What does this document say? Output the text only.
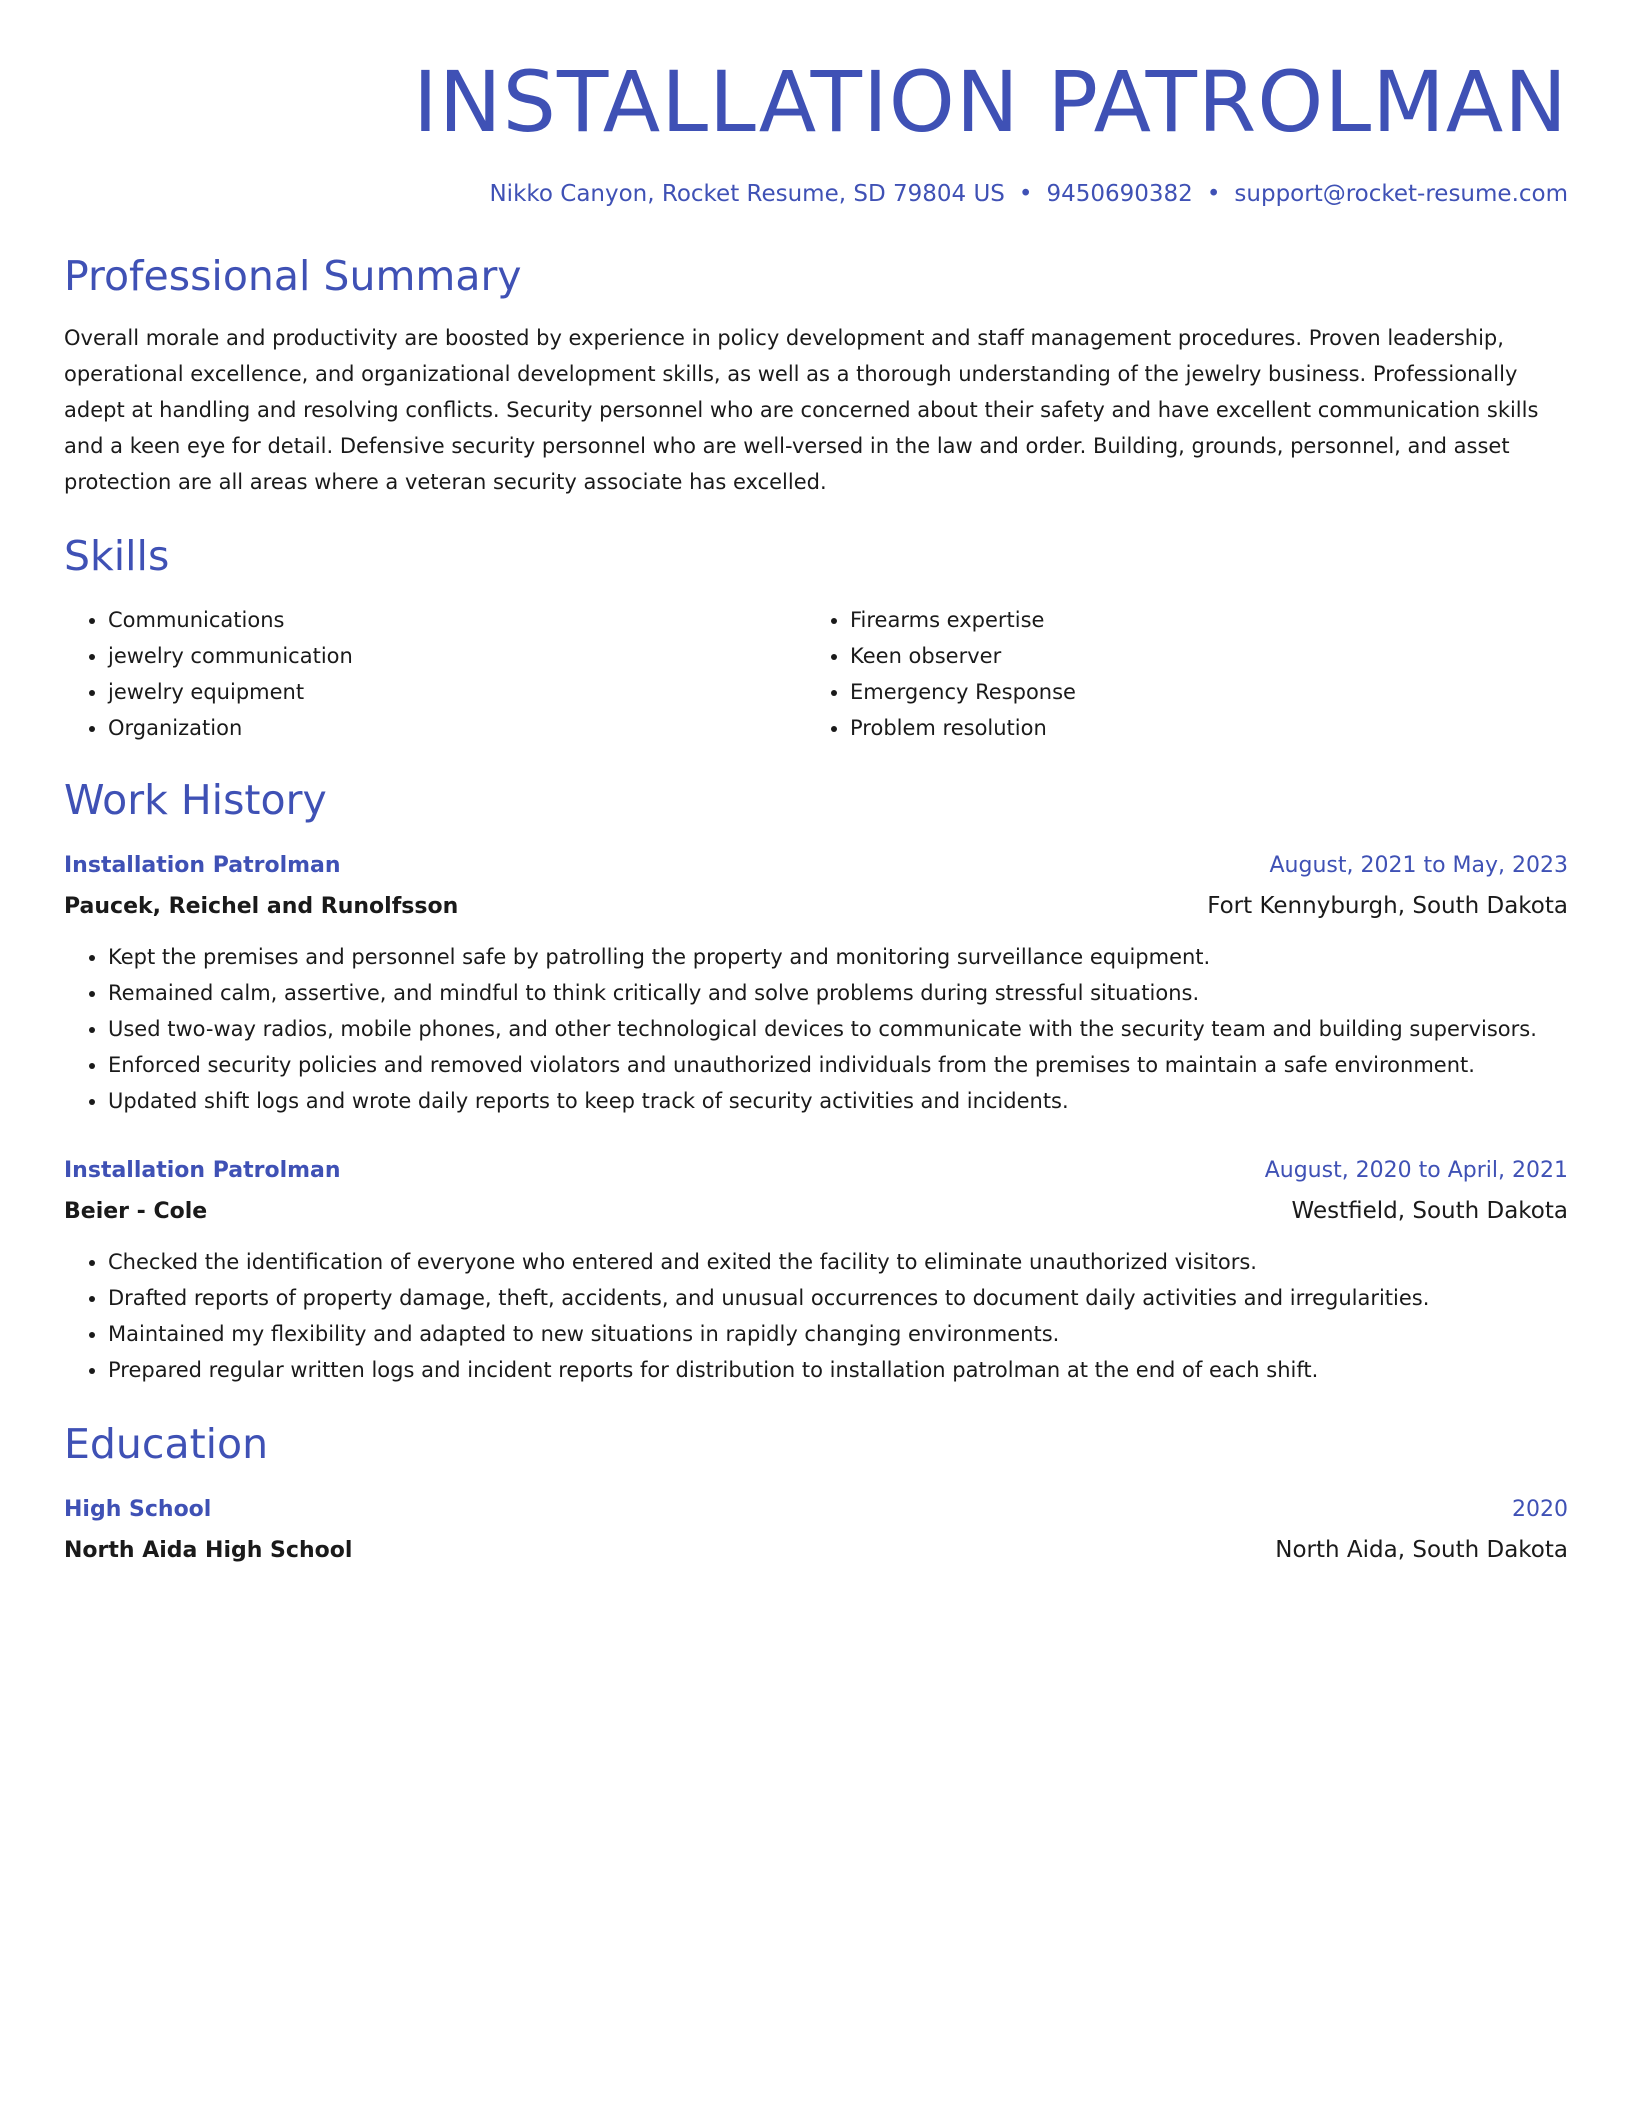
INSTALLATION PATROLMAN
Nikko Canyon, Rocket Resume, SD 79804 US • 9450690382 • support@rocket-resume.com
Professional Summary
Overall morale and productivity are boosted by experience in policy development and staff management procedures. Proven leadership, operational excellence, and organizational development skills, as well as a thorough understanding of the jewelry business. Professionally adept at handling and resolving conflicts. Security personnel who are concerned about their safety and have excellent communication skills and a keen eye for detail. Defensive security personnel who are well-versed in the law and order. Building, grounds, personnel, and asset protection are all areas where a veteran security associate has excelled.
Skills
• Communications
• jewelry communication
• jewelry equipment
• Organization
• Firearms expertise
• Keen observer
• Emergency Response
• Problem resolution
Work History
Installation Patrolman	August, 2021 to May, 2023
Paucek, Reichel and Runolfsson	Fort Kennyburgh, South Dakota
• Kept the premises and personnel safe by patrolling the property and monitoring surveillance equipment.
• Remained calm, assertive, and mindful to think critically and solve problems during stressful situations.
• Used two-way radios, mobile phones, and other technological devices to communicate with the security team and building supervisors.
• Enforced security policies and removed violators and unauthorized individuals from the premises to maintain a safe environment.
• Updated shift logs and wrote daily reports to keep track of security activities and incidents.
Installation Patrolman	August, 2020 to April, 2021
Beier - Cole	Westfield, South Dakota
• Checked the identification of everyone who entered and exited the facility to eliminate unauthorized visitors.
• Drafted reports of property damage, theft, accidents, and unusual occurrences to document daily activities and irregularities.
• Maintained my flexibility and adapted to new situations in rapidly changing environments.
• Prepared regular written logs and incident reports for distribution to installation patrolman at the end of each shift.
Education
High School	2020
North Aida High School	North Aida, South Dakota
